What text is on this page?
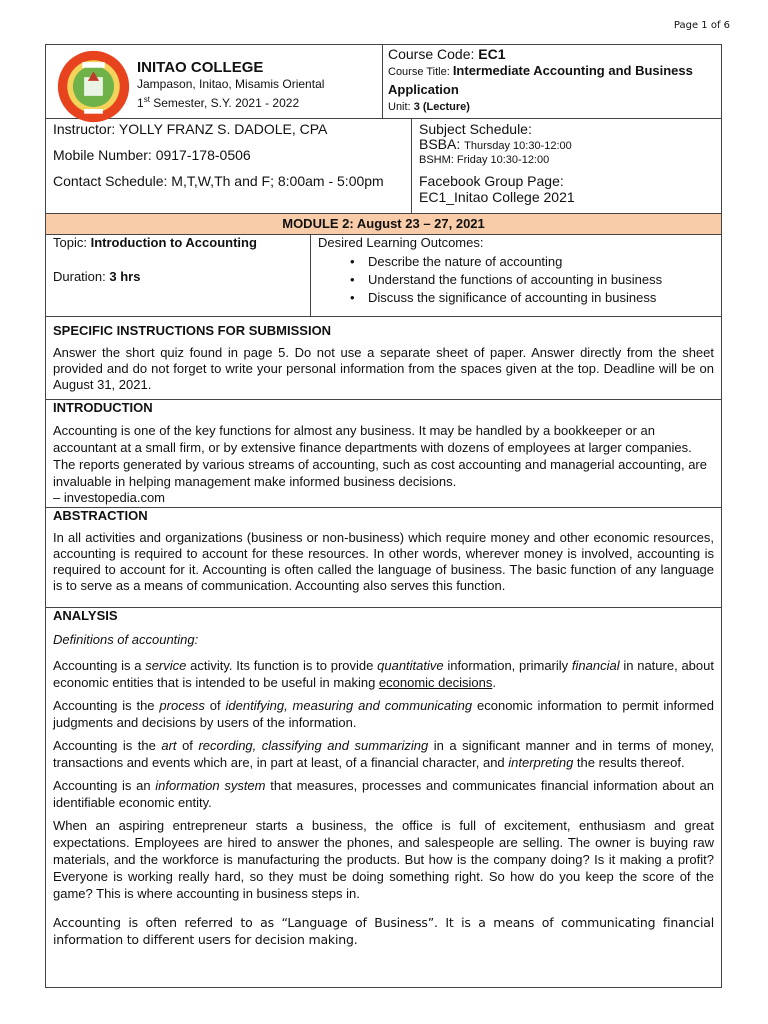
Page 1 of 6

INITAO COLLEGE

Jampason, Initao, Misamis Oriental

1st Semester, S.Y. 2021 - 2022

Course Code: EC1

Course Title: Intermediate Accounting and Business Application

Unit: 3 (Lecture)

Instructor: YOLLY FRANZ S. DADOLE, CPA

Mobile Number: 0917-178-0506

Contact Schedule: M,T,W,Th and F; 8:00am - 5:00pm

Subject Schedule:

BSBA: Thursday 10:30-12:00

BSHM: Friday 10:30-12:00

Facebook Group Page:

EC1_Initao College 2021

MODULE 2: August 23 – 27, 2021

Topic: Introduction to Accounting

Duration: 3 hrs

Desired Learning Outcomes:

• Describe the nature of accounting
• Understand the functions of accounting in business
• Discuss the significance of accounting in business

SPECIFIC INSTRUCTIONS FOR SUBMISSION

Answer the short quiz found in page 5. Do not use a separate sheet of paper. Answer directly from the sheet provided and do not forget to write your personal information from the spaces given at the top. Deadline will be on August 31, 2021.

INTRODUCTION

Accounting is one of the key functions for almost any business. It may be handled by a bookkeeper or an accountant at a small firm, or by extensive finance departments with dozens of employees at larger companies. The reports generated by various streams of accounting, such as cost accounting and managerial accounting, are invaluable in helping management make informed business decisions.

– investopedia.com

ABSTRACTION

In all activities and organizations (business or non-business) which require money and other economic resources, accounting is required to account for these resources. In other words, wherever money is involved, accounting is required to account for it. Accounting is often called the language of business. The basic function of any language is to serve as a means of communication. Accounting also serves this function.

ANALYSIS

Definitions of accounting:

Accounting is a service activity. Its function is to provide quantitative information, primarily financial in nature, about economic entities that is intended to be useful in making economic decisions.

Accounting is the process of identifying, measuring and communicating economic information to permit informed judgments and decisions by users of the information.

Accounting is the art of recording, classifying and summarizing in a significant manner and in terms of money, transactions and events which are, in part at least, of a financial character, and interpreting the results thereof.

Accounting is an information system that measures, processes and communicates financial information about an identifiable economic entity.

When an aspiring entrepreneur starts a business, the office is full of excitement, enthusiasm and great expectations. Employees are hired to answer the phones, and salespeople are selling. The owner is buying raw materials, and the workforce is manufacturing the products. But how is the company doing? Is it making a profit? Everyone is working really hard, so they must be doing something right. So how do you keep the score of the game? This is where accounting in business steps in.

Accounting is often referred to as “Language of Business”. It is a means of communicating financial information to different users for decision making.
